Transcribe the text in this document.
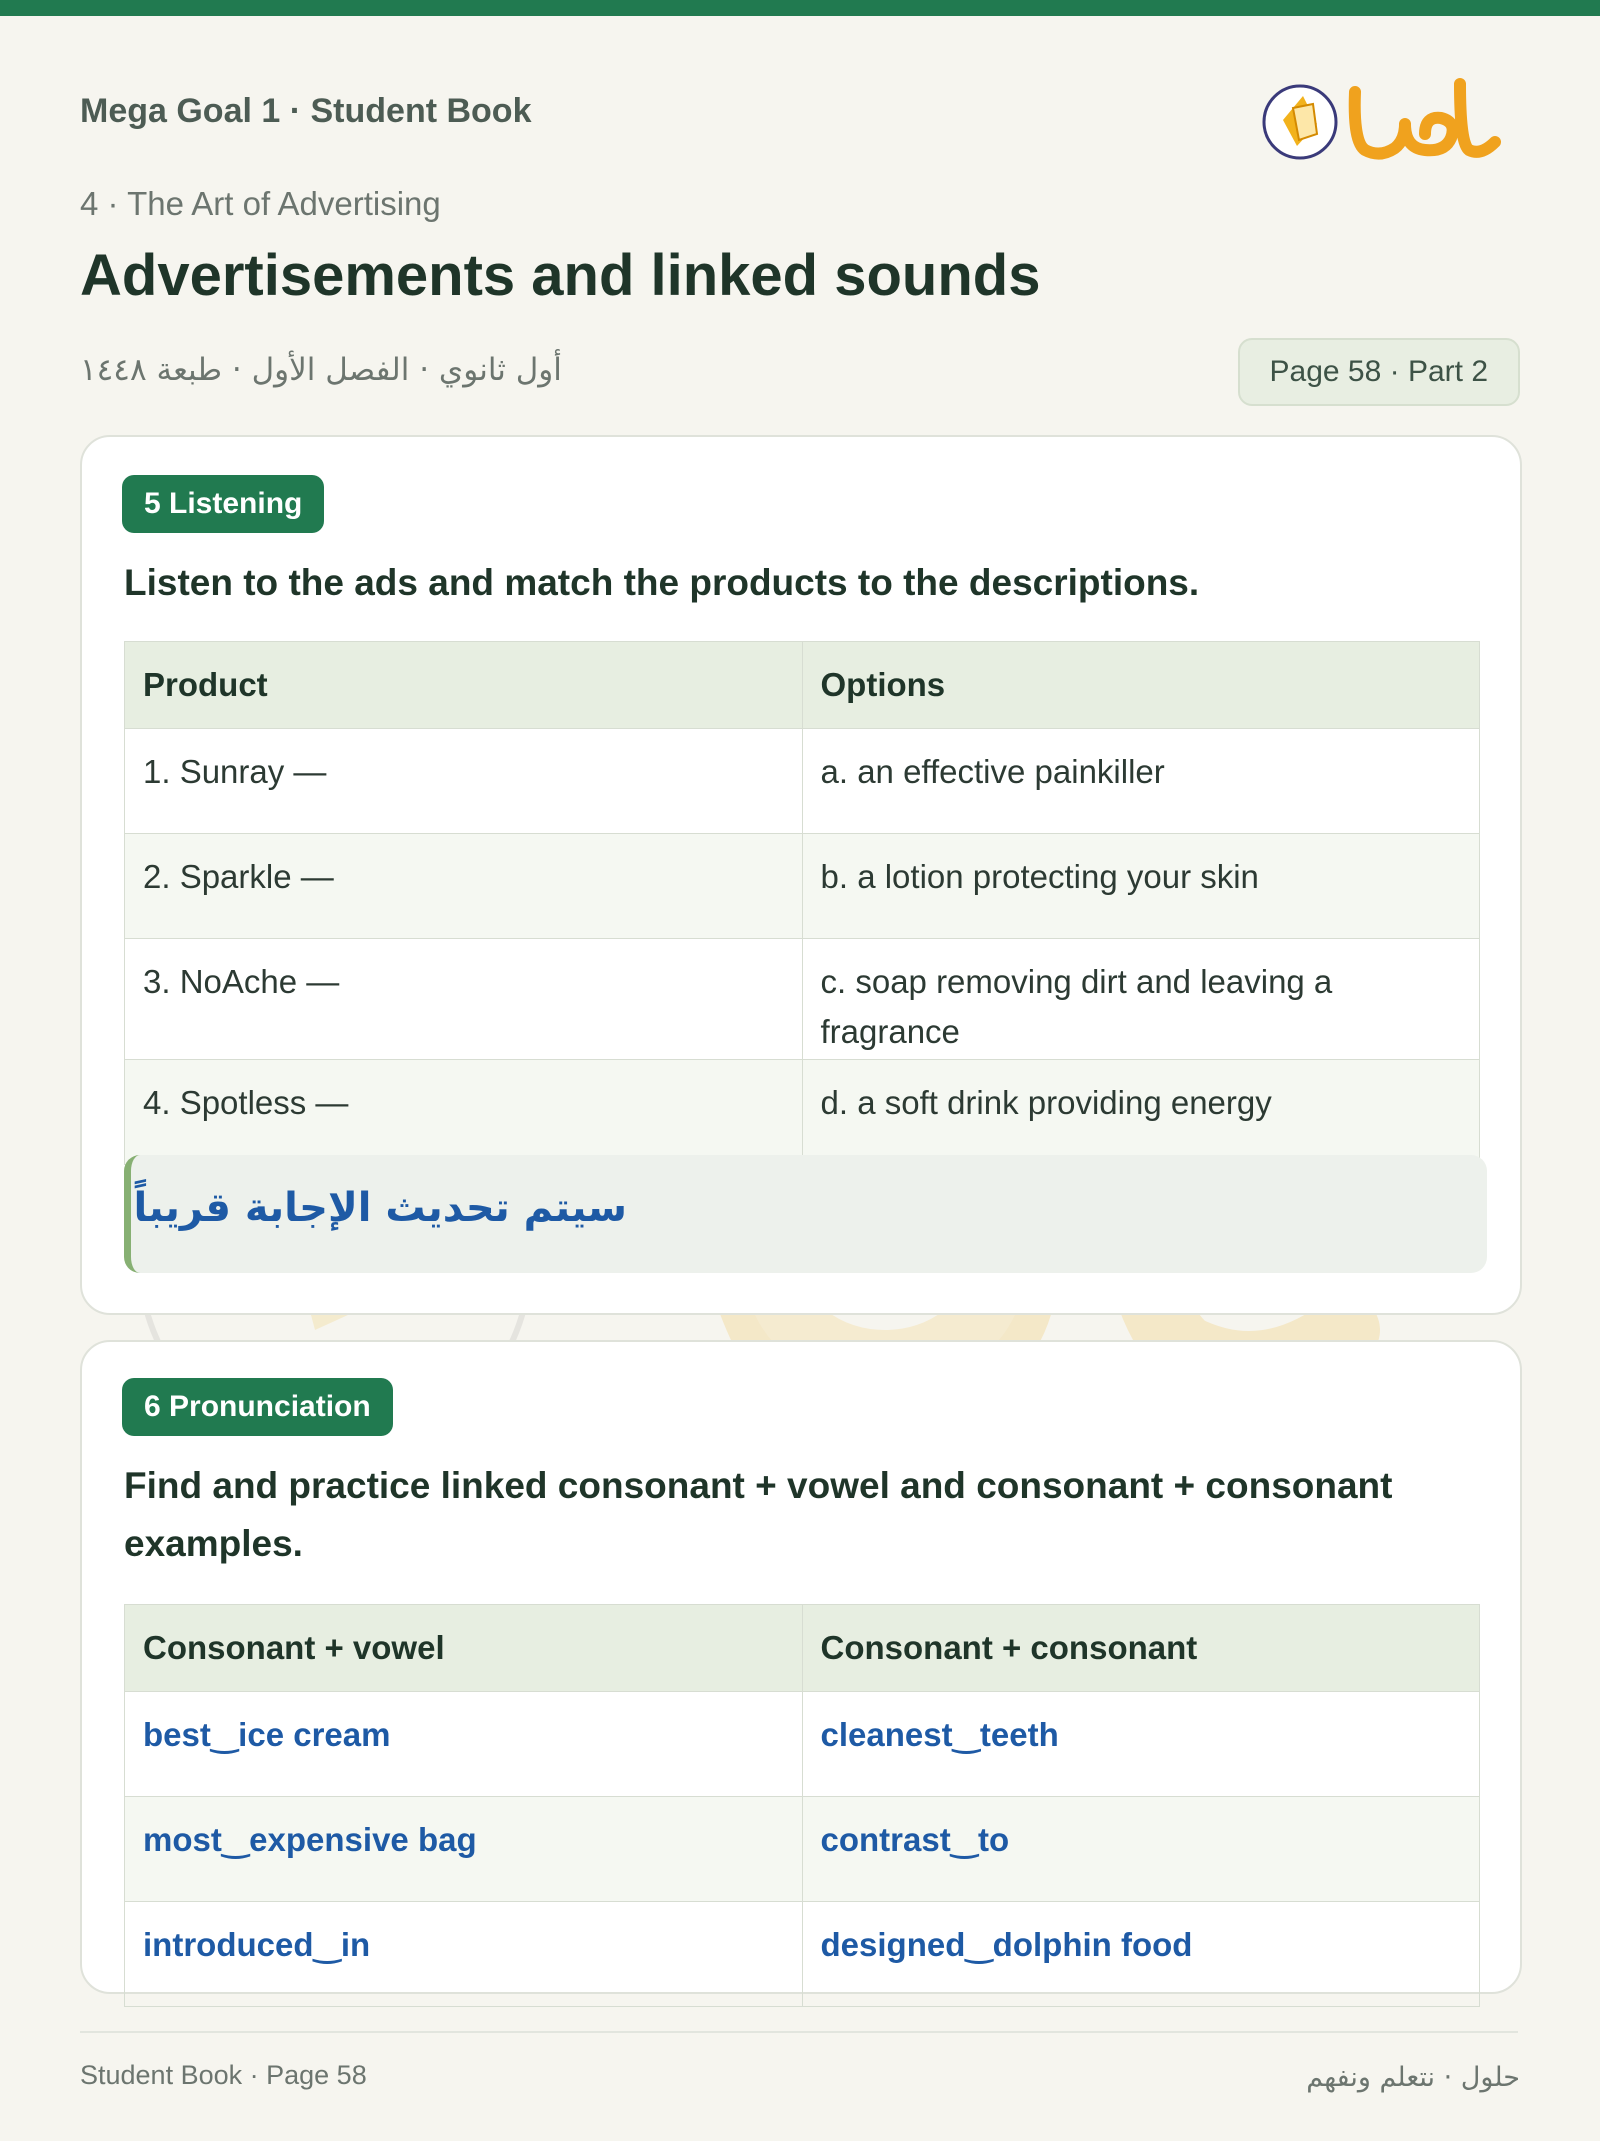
Mega Goal 1 · Student Book
4 · The Art of Advertising
Advertisements and linked sounds
أول ثانوي · الفصل الأول · طبعة ١٤٤٨	Page 58 · Part 2
5 Listening
Listen to the ads and match the products to the descriptions.
Product	Options
1. Sunray —	a. an effective painkiller
2. Sparkle —	b. a lotion protecting your skin
3. NoAche —	c. soap removing dirt and leaving a fragrance
4. Spotless —	d. a soft drink providing energy
سيتم تحديث الإجابة قريباً
6 Pronunciation
Find and practice linked consonant + vowel and consonant + consonant examples.
Consonant + vowel	Consonant + consonant
best‿ice cream	cleanest‿teeth
most‿expensive bag	contrast‿to
introduced‿in	designed‿dolphin food
Student Book · Page 58	حلول · نتعلم ونفهم
